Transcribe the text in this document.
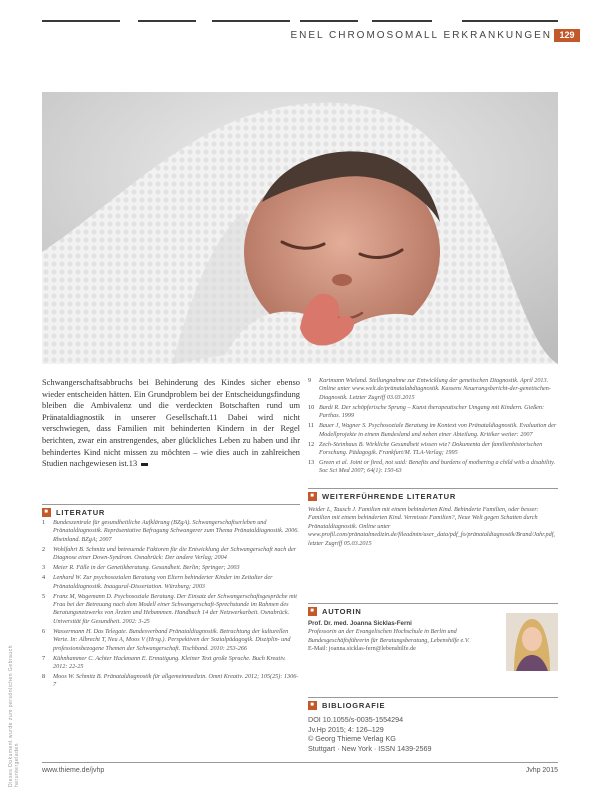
ENEL CHROMOSOMALL ERKRANKUNGEN 129
Schwangerschaftsabbruchs bei Behinderung des Kindes sicher ebenso wieder entscheiden hätten. Ein Grundproblem bei der Entscheidungsfindung bleiben die Ambivalenz und die verdeckten Botschaften rund um Pränataldiagnostik in unserer Gesellschaft.11 Dabei wird nicht verschwiegen, dass Familien mit behinderten Kindern in der Regel berichten, zwar ein anstrengendes, aber glückliches Leben zu haben und ihr behindertes Kind nicht missen zu möchten – wie dies auch in zahlreichen Studien nachgewiesen ist.13
■ LITERATUR
1	Bundeszentrale für gesundheitliche Aufklärung (BZgA). Schwangerschaftserleben und Pränataldiagnostik. Repräsentative Befragung Schwangerer zum Thema Pränataldiagnostik. 2006. Rheinland. BZgA; 2007
2	Wohlfahrt B. Schmitz und betreuende Faktoren für die Entwicklung der Schwangerschaft nach der Diagnose einer Down-Syndrom. Osnabrück: Der andere Verlag; 2004
3	Meier R. Fälle in der Genetikberatung. Gesundheit. Berlin; Springer; 2003
4	Lenhard W. Zur psychosozialen Beratung von Eltern behinderter Kinder im Zeitalter der Pränataldiagnostik. Inaugural-Dissertation. Würzburg; 2003
5	Franz M, Wagemann D. Psychosoziale Beratung. Der Einsatz der Schwangerschaftsgespräche mit Frau bei der Betreuung nach dem Modell einer Schwangerschaft-Sprechstunde im Rahmen des Beratungsnetzwerks von Ärzten und Hebammen. Handbuch 14 der Netzwerkarbeit. Osnabrück. Universität für Gesundheit. 2002: 3-25
6	Wassermann H. Das Telegate. Bundesverband Pränataldiagnostik. Betrachtung der kulturellen Werte. In: Albrecht T, Neu A, Moos V (Hrsg.). Perspektiven der Sozialpädagogik. Disziplin- und professionsbezogene Themen der Schwangerschaft. Tischband. 2010: 253-266
7	Kühnhammer C. Achter Hackmann E. Ermutigung. Kleiner Text große Sprache. Buch Kreativ. 2012: 22-25
8	Moos W. Schmitz B. Pränataldiagnostik für allgemeinmedizin. Omni Kreativ. 2012; 105(25): 1306-7
9	Kartmann Wieland. Stellungnahme zur Entwicklung der genetischen Diagnostik. April 2013. Online unter www.welt.de/pränatalabdiagnostik. Kassens Neuerungsbericht-der-genetischen-Diagnostik. Letzter Zugriff 03.03.2015
10 Bardi R. Der schöpferische Sprung – Kunst therapeutischer Umgang mit Kindern. Gießen: Parthas. 1999
11 Bauer J, Wagner S. Psychosoziale Beratung im Kontext von Pränataldiagnostik. Evaluation der Modellprojekte in einem Bundesland und neben einer Abteilung. Kritiker weiter: 2007
12 Zech-Steinhaus B. Wirkliche Gesundheit wissen wie? Dokumenta der familienhistorischen Forschung. Pädagogik. Frankfurt/M. TLA-Verlag; 1995
13 Green et al. Joint or fired, not said: Benefits and burdens of mothering a child with a disability. Soc Sci Med 2007; 64(1): 150-63
■ WEITERFÜHRENDE LITERATUR
Weider L, Tausch J. Familien mit einem behinderten Kind. Behinderte Familien, oder besser: Familien mit einem behinderten Kind. Vermisste Familien?, Neue Welt gegen Schatten durch Pränataldiagnostik. Online unter www.profil.com/pränatalmedizin.de/fileadmin/user_data/pdf_fo/pränataldiagnostik/Brand/Jahr.pdf, letzter Zugriff 05.03.2015
■ AUTORIN
Prof. Dr. med. Joanna Sicklas-Ferni
Professorin an der Evangelischen Hochschule in Berlin und Bundesgeschäftsführerin für Beratungsberatung, Lebenshilfe e.V.
E-Mail: joanna.sicklas-fern@lebenshilfe.de
■ BIBLIOGRAFIE
DOI 10.1055/s-0035-1554294
Jv.Hp 2015; 4: 126–129
© Georg Thieme Verlag KG
Stuttgart · New York · ISSN 1439-2569
Dieses Dokument wurde zum persönlichen Gebrauch heruntergeladen	www.thieme.de/jvhp	Jvhp 2015
